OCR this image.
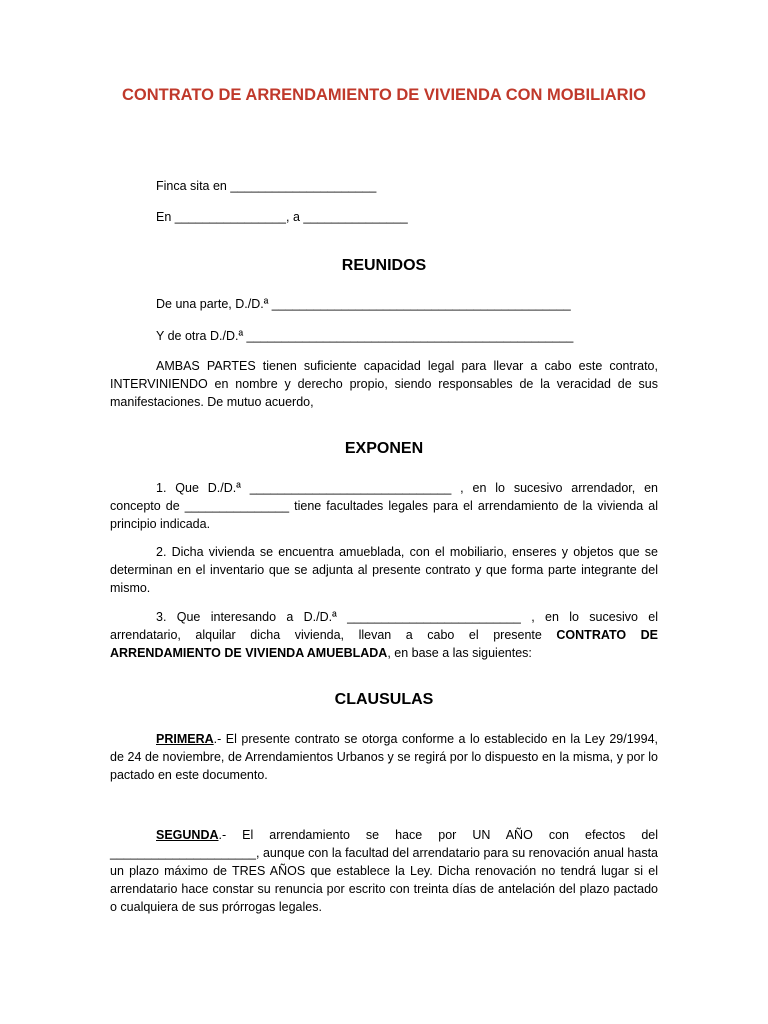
CONTRATO DE ARRENDAMIENTO DE VIVIENDA CON MOBILIARIO
Finca sita en _____________________
En ________________, a _______________
REUNIDOS
De una parte, D./D.ª ___________________________________________
Y de otra D./D.ª _______________________________________________

AMBAS PARTES tienen suficiente capacidad legal para llevar a cabo este contrato, INTERVINIENDO en nombre y derecho propio, siendo responsables de la veracidad de sus manifestaciones. De mutuo acuerdo,

EXPONEN

1. Que D./D.ª _____________________________ , en lo sucesivo arrendador, en concepto de _______________ tiene facultades legales para el arrendamiento de la vivienda al principio indicada.

2. Dicha vivienda se encuentra amueblada, con el mobiliario, enseres y objetos que se determinan en el inventario que se adjunta al presente contrato y que forma parte integrante del mismo.

3. Que interesando a D./D.ª _________________________ , en lo sucesivo el arrendatario, alquilar dicha vivienda, llevan a cabo el presente CONTRATO DE ARRENDAMIENTO DE VIVIENDA AMUEBLADA, en base a las siguientes:

CLAUSULAS

PRIMERA.- El presente contrato se otorga conforme a lo establecido en la Ley 29/1994, de 24 de noviembre, de Arrendamientos Urbanos y se regirá por lo dispuesto en la misma, y por lo pactado en este documento.

SEGUNDA.- El arrendamiento se hace por UN AÑO con efectos del _____________________, aunque con la facultad del arrendatario para su renovación anual hasta un plazo máximo de TRES AÑOS que establece la Ley. Dicha renovación no tendrá lugar si el arrendatario hace constar su renuncia por escrito con treinta días de antelación del plazo pactado o cualquiera de sus prórrogas legales.
